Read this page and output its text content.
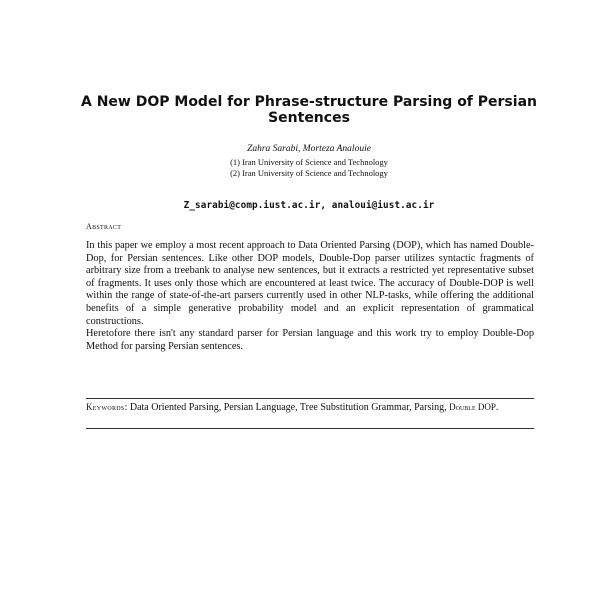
A New DOP Model for Phrase-structure Parsing of Persian Sentences
Zahra Sarabi, Morteza Analouie
(1) Iran University of Science and Technology
(2) Iran University of Science and Technology
Z_sarabi@comp.iust.ac.ir, analoui@iust.ac.ir
Abstract

In this paper we employ a most recent approach to Data Oriented Parsing (DOP), which has named Double-Dop, for Persian sentences. Like other DOP models, Double-Dop parser utilizes syntactic fragments of arbitrary size from a treebank to analyse new sentences, but it extracts a restricted yet representative subset of fragments. It uses only those which are encountered at least twice. The accuracy of Double-DOP is well within the range of state-of-the-art parsers currently used in other NLP-tasks, while offering the additional benefits of a simple generative probability model and an explicit representation of grammatical constructions.

Heretofore there isn't any standard parser for Persian language and this work try to employ Double-Dop Method for parsing Persian sentences.

Keywords: Data Oriented Parsing, Persian Language, Tree Substitution Grammar, Parsing, Double DOP.
